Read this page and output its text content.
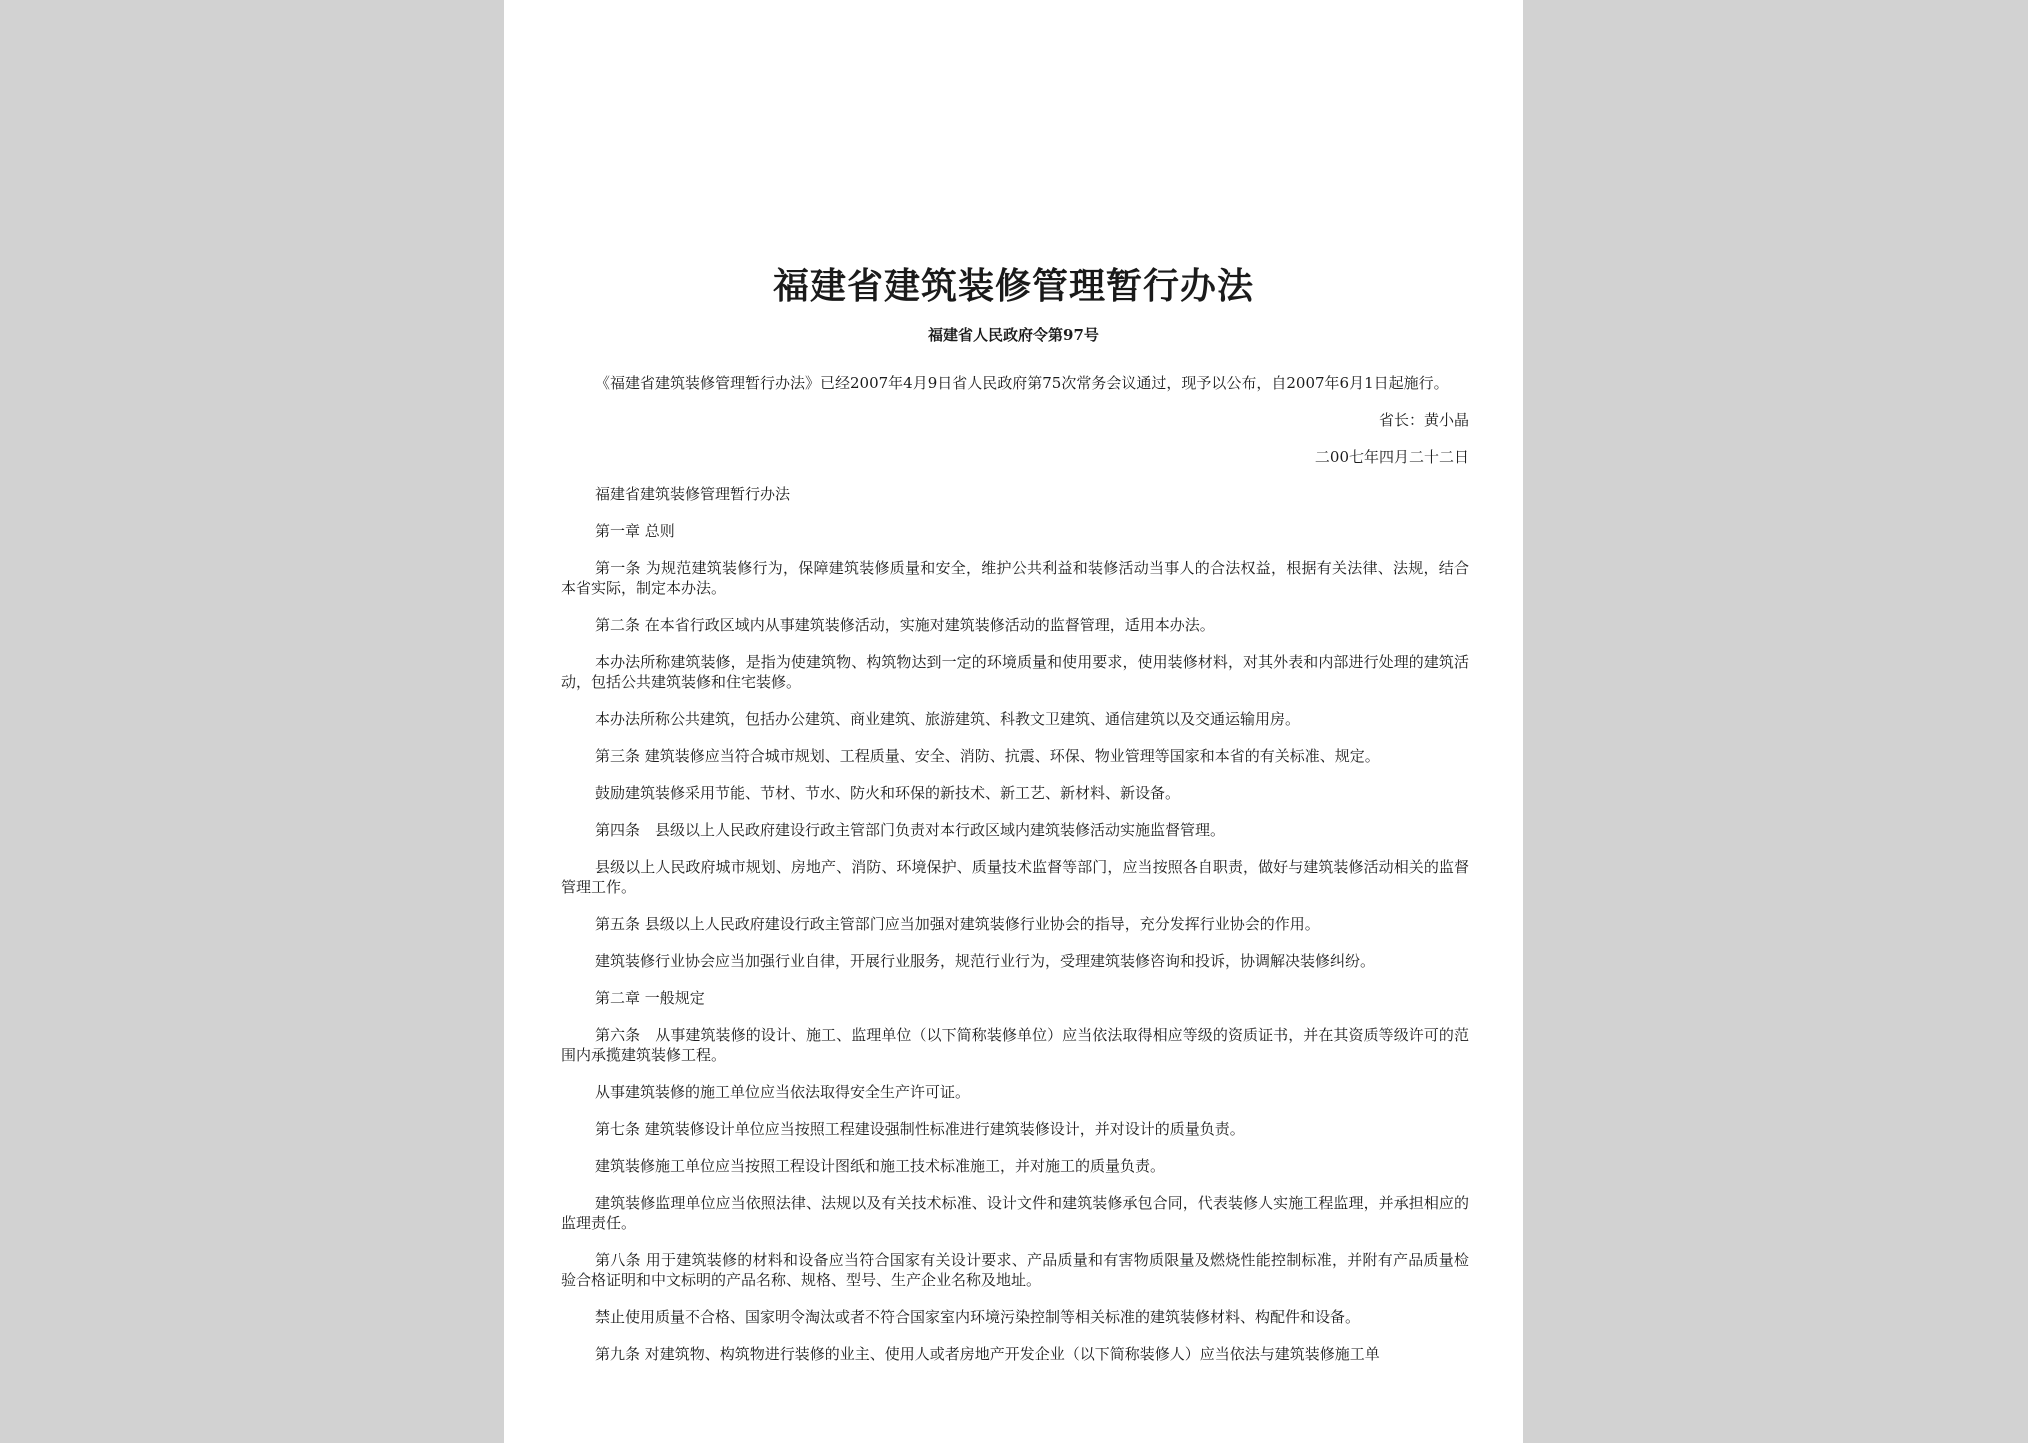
福建省建筑装修管理暂行办法
福建省人民政府令第97号

《福建省建筑装修管理暂行办法》已经2007年4月9日省人民政府第75次常务会议通过，现予以公布，自2007年6月1日起施行。

省长：黄小晶

二00七年四月二十二日

福建省建筑装修管理暂行办法

第一章 总则

第一条 为规范建筑装修行为，保障建筑装修质量和安全，维护公共利益和装修活动当事人的合法权益，根据有关法律、法规，结合本省实际，制定本办法。

第二条 在本省行政区域内从事建筑装修活动，实施对建筑装修活动的监督管理，适用本办法。

本办法所称建筑装修，是指为使建筑物、构筑物达到一定的环境质量和使用要求，使用装修材料，对其外表和内部进行处理的建筑活动，包括公共建筑装修和住宅装修。

本办法所称公共建筑，包括办公建筑、商业建筑、旅游建筑、科教文卫建筑、通信建筑以及交通运输用房。

第三条 建筑装修应当符合城市规划、工程质量、安全、消防、抗震、环保、物业管理等国家和本省的有关标准、规定。

鼓励建筑装修采用节能、节材、节水、防火和环保的新技术、新工艺、新材料、新设备。

第四条　县级以上人民政府建设行政主管部门负责对本行政区域内建筑装修活动实施监督管理。

县级以上人民政府城市规划、房地产、消防、环境保护、质量技术监督等部门，应当按照各自职责，做好与建筑装修活动相关的监督管理工作。

第五条 县级以上人民政府建设行政主管部门应当加强对建筑装修行业协会的指导，充分发挥行业协会的作用。

建筑装修行业协会应当加强行业自律，开展行业服务，规范行业行为，受理建筑装修咨询和投诉，协调解决装修纠纷。

第二章 一般规定

第六条　从事建筑装修的设计、施工、监理单位（以下简称装修单位）应当依法取得相应等级的资质证书，并在其资质等级许可的范围内承揽建筑装修工程。

从事建筑装修的施工单位应当依法取得安全生产许可证。

第七条 建筑装修设计单位应当按照工程建设强制性标准进行建筑装修设计，并对设计的质量负责。

建筑装修施工单位应当按照工程设计图纸和施工技术标准施工，并对施工的质量负责。

建筑装修监理单位应当依照法律、法规以及有关技术标准、设计文件和建筑装修承包合同，代表装修人实施工程监理，并承担相应的监理责任。

第八条 用于建筑装修的材料和设备应当符合国家有关设计要求、产品质量和有害物质限量及燃烧性能控制标准，并附有产品质量检验合格证明和中文标明的产品名称、规格、型号、生产企业名称及地址。

禁止使用质量不合格、国家明令淘汰或者不符合国家室内环境污染控制等相关标准的建筑装修材料、构配件和设备。

第九条 对建筑物、构筑物进行装修的业主、使用人或者房地产开发企业（以下简称装修人）应当依法与建筑装修施工单
